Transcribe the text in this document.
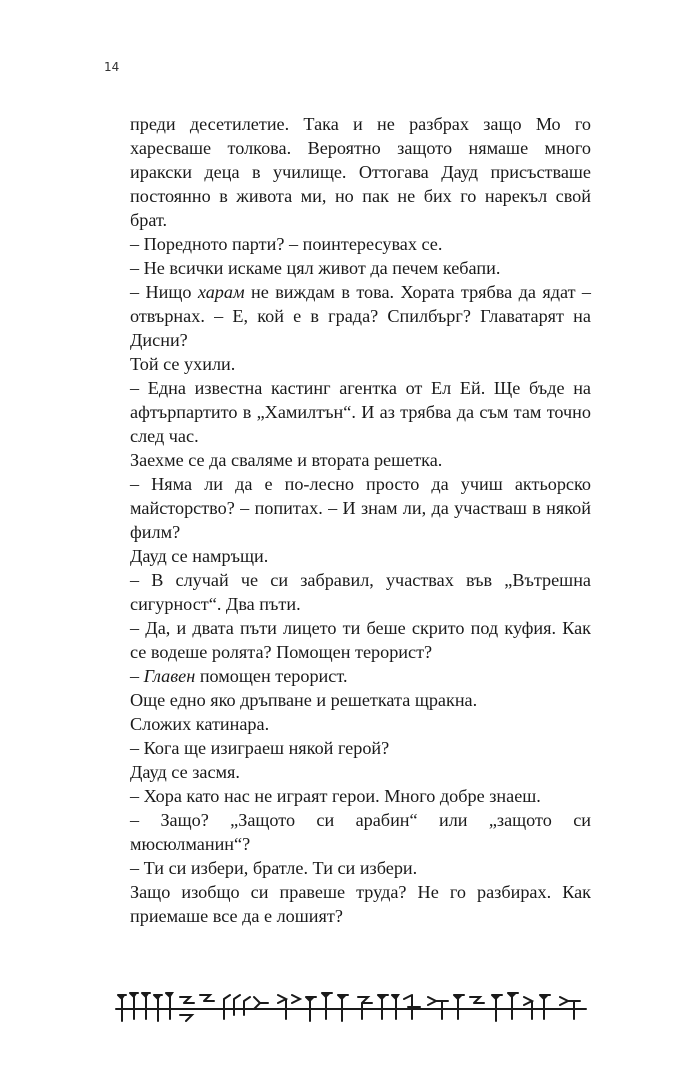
14

преди десетилетие. Така и не разбрах защо Мо го харесваше толкова. Вероятно защото нямаше много иракски деца в училище. Оттогава Дауд присъстваше постоянно в живота ми, но пак не бих го нарекъл свой брат.

– Поредното парти? – поинтересувах се.

– Не всички искаме цял живот да печем кебапи.

– Нищо харам не виждам в това. Хората трябва да ядат – отвърнах. – Е, кой е в града? Спилбърг? Главатарят на Дисни?

Той се ухили.

– Една известна кастинг агентка от Ел Ей. Ще бъде на афтърпартито в „Хамилтън“. И аз трябва да съм там точно след час.

Заехме се да сваляме и втората решетка.

– Няма ли да е по-лесно просто да учиш актьорско майсторство? – попитах. – И знам ли, да участваш в някой филм?

Дауд се намръщи.

– В случай че си забравил, участвах във „Вътрешна сигурност“. Два пъти.

– Да, и двата пъти лицето ти беше скрито под куфия. Как се водеше ролята? Помощен терорист?

– Главен помощен терорист.

Още едно яко дръпване и решетката щракна.

Сложих катинара.

– Кога ще изиграеш някой герой?

Дауд се засмя.

– Хора като нас не играят герои. Много добре знаеш.

– Защо? „Защото си арабин“ или „защото си мюсюлманин“?

– Ти си избери, братле. Ти си избери.

Защо изобщо си правеше труда? Не го разбирах. Как приемаше все да е лошият?
